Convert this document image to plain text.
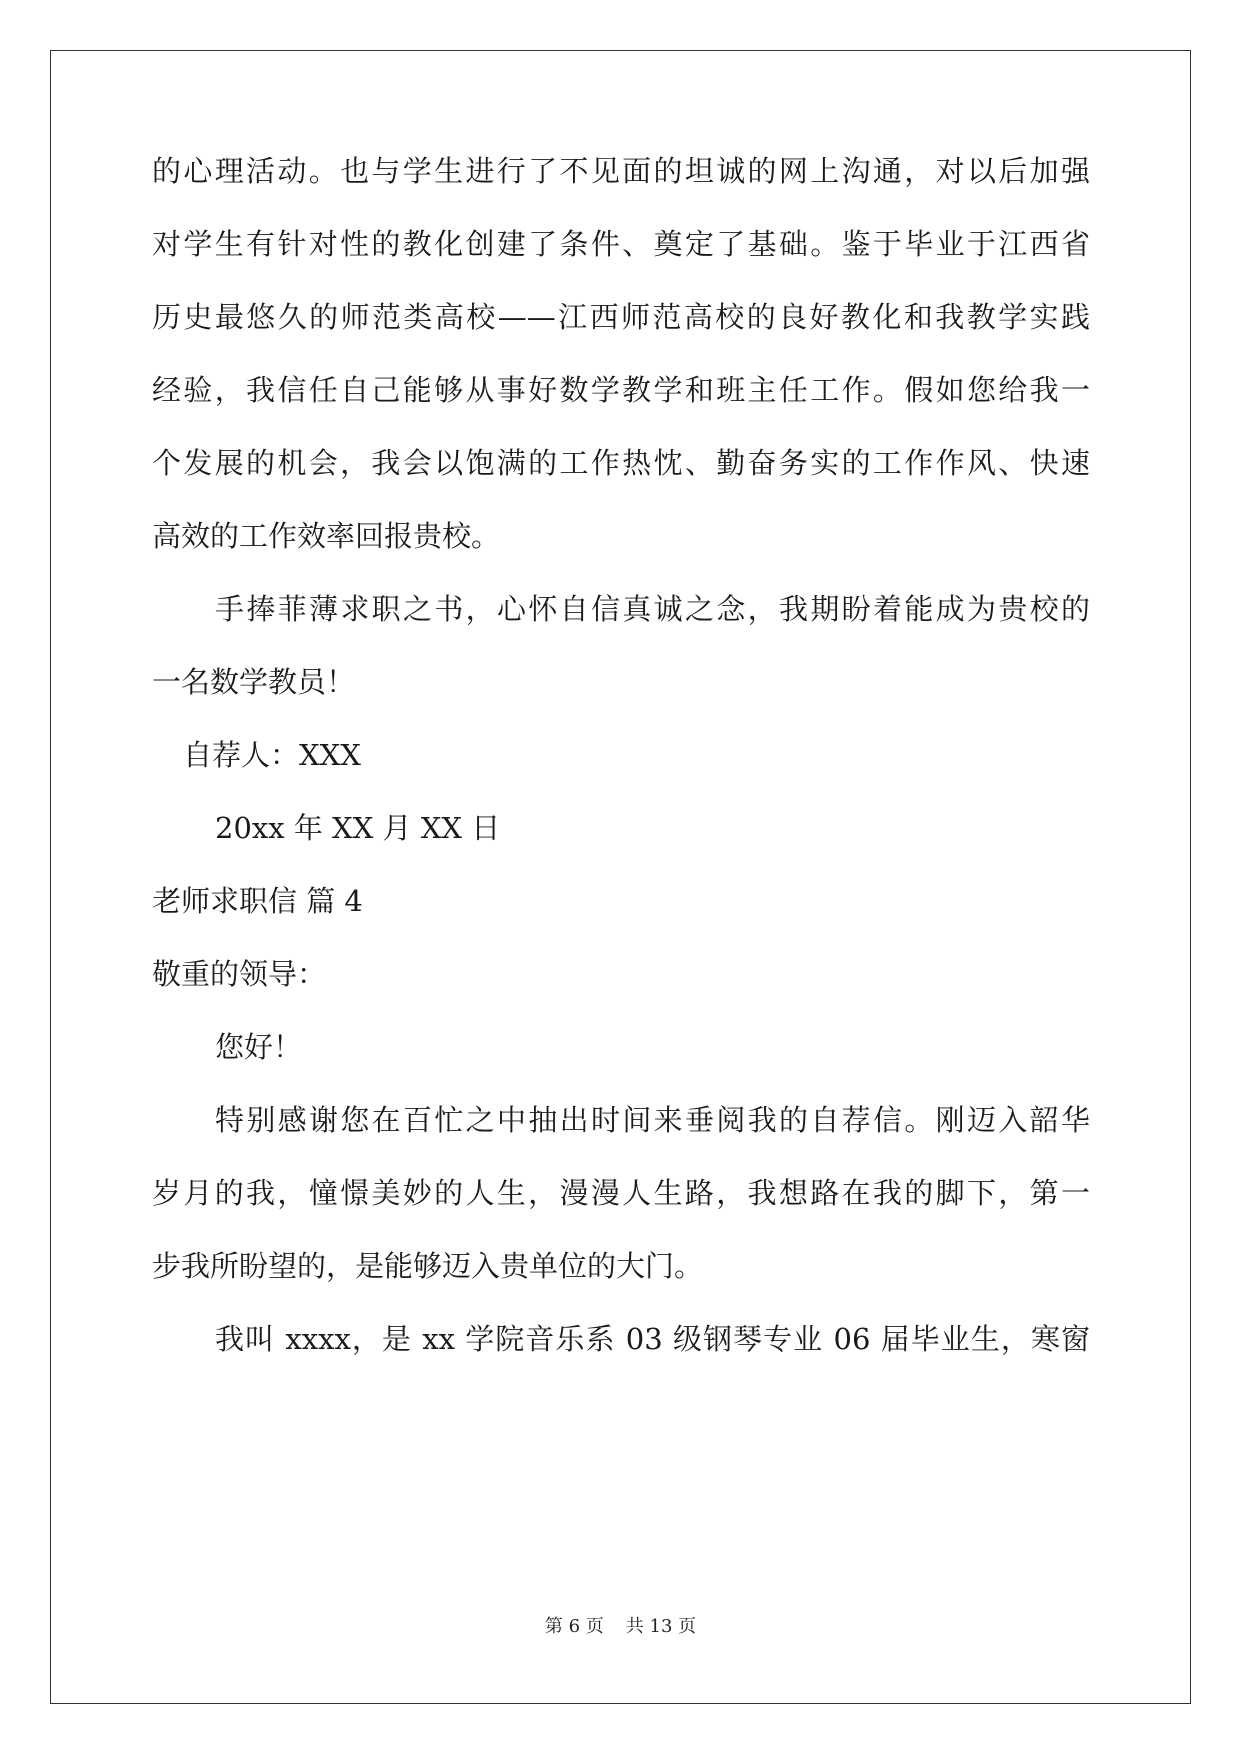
的心理活动。也与学生进行了不见面的坦诚的网上沟通，对以后加强
对学生有针对性的教化创建了条件、奠定了基础。鉴于毕业于江西省
历史最悠久的师范类高校——江西师范高校的良好教化和我教学实践
经验，我信任自己能够从事好数学教学和班主任工作。假如您给我一
个发展的机会，我会以饱满的工作热忱、勤奋务实的工作作风、快速
高效的工作效率回报贵校。
手捧菲薄求职之书，心怀自信真诚之念，我期盼着能成为贵校的
一名数学教员！
自荐人：XXX
20xx 年 XX 月 XX 日
老师求职信 篇 4
敬重的领导：
您好！
特别感谢您在百忙之中抽出时间来垂阅我的自荐信。刚迈入韶华
岁月的我，憧憬美妙的人生，漫漫人生路，我想路在我的脚下，第一
步我所盼望的，是能够迈入贵单位的大门。
我叫 xxxx，是 xx 学院音乐系 03 级钢琴专业 06 届毕业生，寒窗
第 6 页 共 13 页
